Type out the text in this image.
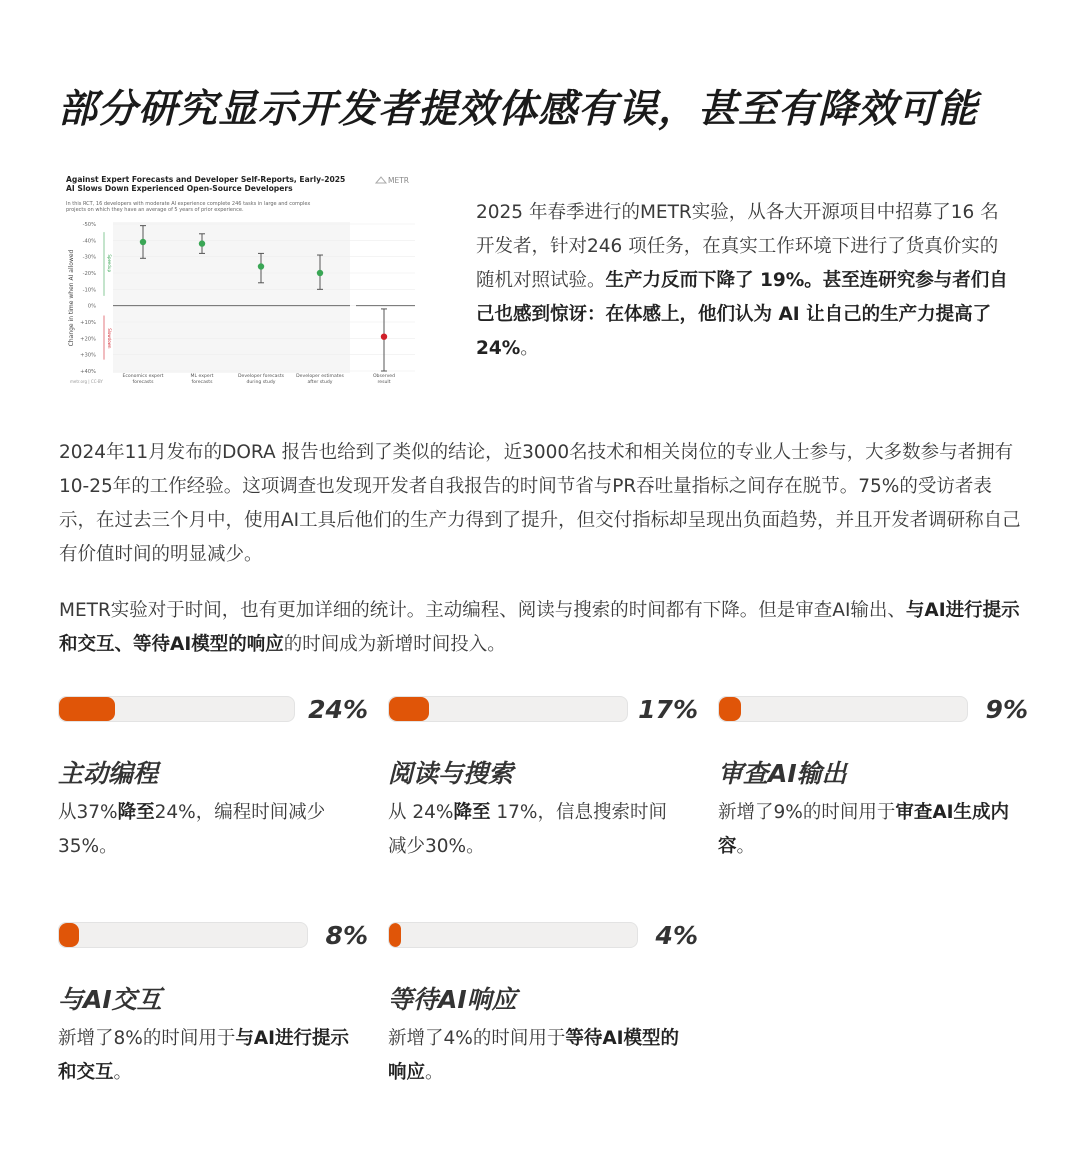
部分研究显示开发者提效体感有误，甚至有降效可能
Against Expert Forecasts and Developer Self-Reports, Early-2025
AI Slows Down Experienced Open-Source Developers
METR
In this RCT, 16 developers with moderate AI experience complete 246 tasks in large and complex
projects on which they have an average of 5 years of prior experience.
-50%
-40%
-30%
-20%
-10%
0%
+10%
+20%
+30%
+40%
Change in time when AI allowed	Speedup
Slowdown
Economics expert
forecasts
ML expert
forecasts
Developer forecasts
during study
Developer estimates
after study
Observed
result
metr.org | CC-BY
2025 年春季进行的METR实验，从各大开源项目中招募了16 名开发者，针对246 项任务，在真实工作环境下进行了货真价实的随机对照试验。生产力反而下降了 19%。甚至连研究参与者们自己也感到惊讶：在体感上，他们认为 AI 让自己的生产力提高了 24%。
2024年11月发布的DORA 报告也给到了类似的结论，近3000名技术和相关岗位的专业人士参与，大多数参与者拥有10-25年的工作经验。这项调查也发现开发者自我报告的时间节省与PR吞吐量指标之间存在脱节。75%的受访者表示，在过去三个月中，使用AI工具后他们的生产力得到了提升，但交付指标却呈现出负面趋势，并且开发者调研称自己有价值时间的明显减少。
METR实验对于时间，也有更加详细的统计。主动编程、阅读与搜索的时间都有下降。但是审查AI输出、与AI进行提示和交互、等待AI模型的响应的时间成为新增时间投入。
24%
主动编程
从37%降至24%，编程时间减少35%。
17%
阅读与搜索
从 24%降至 17%，信息搜索时间减少30%。
9%
审查AI输出
新增了9%的时间用于审查AI生成内容。
8%
与AI交互
新增了8%的时间用于与AI进行提示和交互。
4%
等待AI响应
新增了4%的时间用于等待AI模型的响应。
